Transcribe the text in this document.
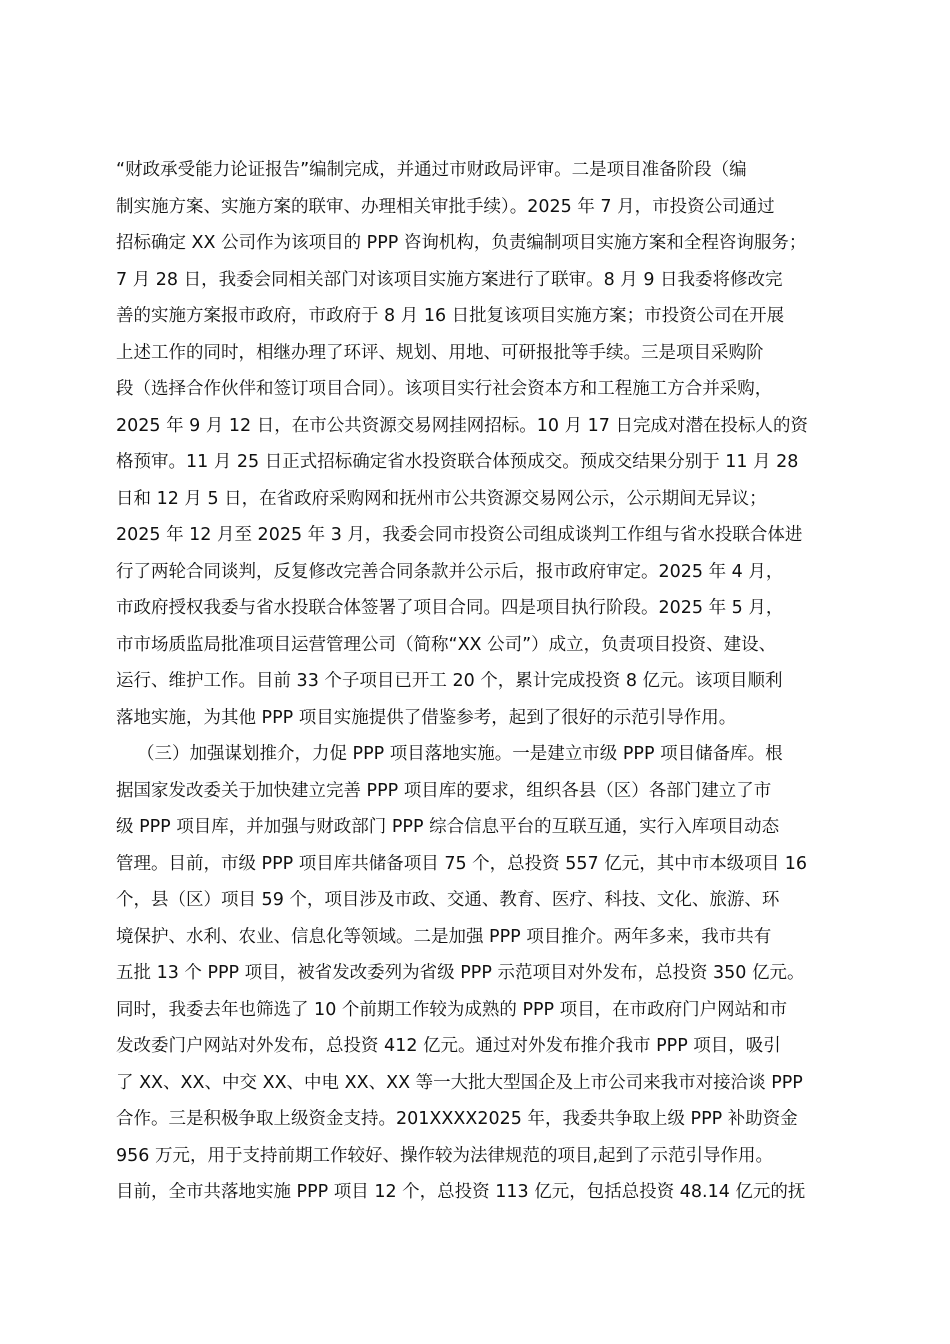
“财政承受能力论证报告”编制完成，并通过市财政局评审。二是项目准备阶段（编
制实施方案、实施方案的联审、办理相关审批手续）。2025 年 7 月，市投资公司通过
招标确定 XX 公司作为该项目的 PPP 咨询机构，负责编制项目实施方案和全程咨询服务；
7 月 28 日，我委会同相关部门对该项目实施方案进行了联审。8 月 9 日我委将修改完
善的实施方案报市政府，市政府于 8 月 16 日批复该项目实施方案；市投资公司在开展
上述工作的同时，相继办理了环评、规划、用地、可研报批等手续。三是项目采购阶
段（选择合作伙伴和签订项目合同）。该项目实行社会资本方和工程施工方合并采购，
2025 年 9 月 12 日，在市公共资源交易网挂网招标。10 月 17 日完成对潜在投标人的资
格预审。11 月 25 日正式招标确定省水投资联合体预成交。预成交结果分别于 11 月 28
日和 12 月 5 日，在省政府采购网和抚州市公共资源交易网公示，公示期间无异议；
2025 年 12 月至 2025 年 3 月，我委会同市投资公司组成谈判工作组与省水投联合体进
行了两轮合同谈判，反复修改完善合同条款并公示后，报市政府审定。2025 年 4 月，
市政府授权我委与省水投联合体签署了项目合同。四是项目执行阶段。2025 年 5 月，
市市场质监局批准项目运营管理公司（简称“XX 公司”）成立，负责项目投资、建设、
运行、维护工作。目前 33 个子项目已开工 20 个，累计完成投资 8 亿元。该项目顺利
落地实施，为其他 PPP 项目实施提供了借鉴参考，起到了很好的示范引导作用。
（三）加强谋划推介，力促 PPP 项目落地实施。一是建立市级 PPP 项目储备库。根
据国家发改委关于加快建立完善 PPP 项目库的要求，组织各县（区）各部门建立了市
级 PPP 项目库，并加强与财政部门 PPP 综合信息平台的互联互通，实行入库项目动态
管理。目前，市级 PPP 项目库共储备项目 75 个，总投资 557 亿元，其中市本级项目 16
个，县（区）项目 59 个，项目涉及市政、交通、教育、医疗、科技、文化、旅游、环
境保护、水利、农业、信息化等领域。二是加强 PPP 项目推介。两年多来，我市共有
五批 13 个 PPP 项目，被省发改委列为省级 PPP 示范项目对外发布，总投资 350 亿元。
同时，我委去年也筛选了 10 个前期工作较为成熟的 PPP 项目，在市政府门户网站和市
发改委门户网站对外发布，总投资 412 亿元。通过对外发布推介我市 PPP 项目，吸引
了 XX、XX、中交 XX、中电 XX、XX 等一大批大型国企及上市公司来我市对接洽谈 PPP
合作。三是积极争取上级资金支持。201XXXX2025 年，我委共争取上级 PPP 补助资金
956 万元，用于支持前期工作较好、操作较为法律规范的项目,起到了示范引导作用。
目前，全市共落地实施 PPP 项目 12 个，总投资 113 亿元，包括总投资 48.14 亿元的抚
